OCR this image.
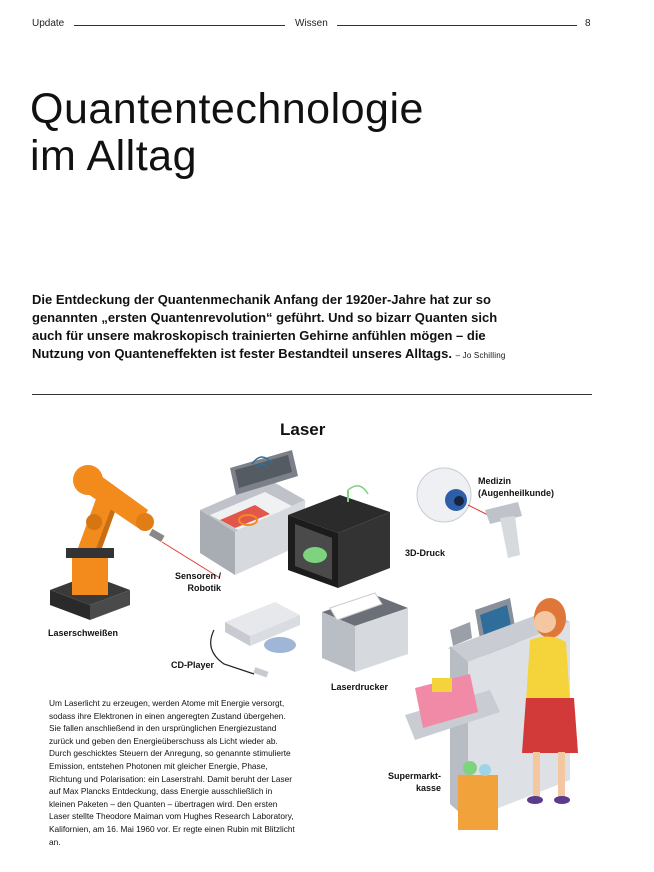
Update	Wissen	8
Quantentechnologie
im Alltag

Die Entdeckung der Quantenmechanik Anfang der 1920er-Jahre hat zur so genannten „ersten Quantenrevolution“ geführt. Und so bizarr Quanten sich auch für unsere makroskopisch trainierten Gehirne anfühlen mögen – die Nutzung von Quanteneffekten ist fester Bestandteil unseres Alltags. – Jo Schilling

Laser
Laserschweißen
Sensoren /
Robotik
Medizin
(Augenheilkunde)
3D-Druck
CD-Player
Laserdrucker
Supermarkt-
kasse

Um Laserlicht zu erzeugen, werden Atome mit Energie versorgt, sodass ihre Elektronen in einen angeregten Zustand übergehen. Sie fallen anschließend in den ursprünglichen Energiezustand zurück und geben den Energieüberschuss als Licht wieder ab. Durch geschicktes Steuern der Anregung, so genannte stimulierte Emission, entstehen Photonen mit gleicher Energie, Phase, Richtung und Polarisation: ein Laserstrahl. Damit beruht der Laser auf Max Plancks Entdeckung, dass Energie ausschließlich in kleinen Paketen – den Quanten – übertragen wird. Den ersten Laser stellte Theodore Maiman vom Hughes Research Laboratory, Kalifornien, am 16. Mai 1960 vor. Er regte einen Rubin mit Blitzlicht an.
